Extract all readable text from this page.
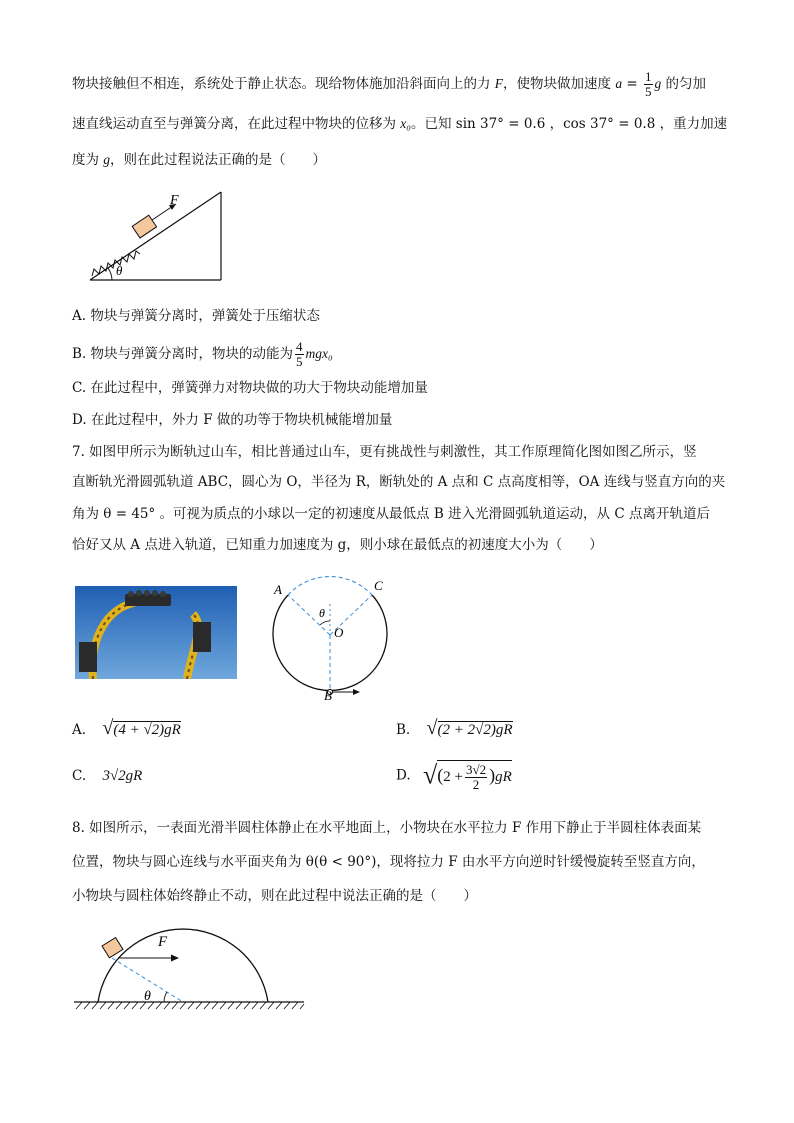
物块接触但不相连，系统处于静止状态。现给物体施加沿斜面向上的力 F，使物块做加速度 $a = \frac{1}{5}$ g 的匀加
速直线运动直至与弹簧分离，在此过程中物块的位移为 x₀。已知 sin 37° = 0.6 ，cos 37° = 0.8 ，重力加速
度为 g，则在此过程说法正确的是（　　）
F
θ
A. 物块与弹簧分离时，弹簧处于压缩状态
B. 物块与弹簧分离时，物块的动能为 $\frac{4}{5} mgx_0$
C. 在此过程中，弹簧弹力对物块做的功大于物块动能增加量
D. 在此过程中，外力 F 做的功等于物块机械能增加量
7. 如图甲所示为断轨过山车，相比普通过山车，更有挑战性与刺激性，其工作原理简化图如图乙所示，竖
直断轨光滑圆弧轨道 ABC，圆心为 O，半径为 R，断轨处的 A 点和 C 点高度相等，OA 连线与竖直方向的夹
角为 θ = 45° 。可视为质点的小球以一定的初速度从最低点 B 进入光滑圆弧轨道运动，从 C 点离开轨道后
恰好又从 A 点进入轨道，已知重力加速度为 g，则小球在最低点的初速度大小为（　　）
A	C
O
B
θ
A. √(4 + √2)gR	B. √(2 + 2√2)gR
C. 3√2gR	D. $√(2 + \frac{3√2}{2} )gR$
8. 如图所示，一表面光滑半圆柱体静止在水平地面上，小物块在水平拉力 F 作用下静止于半圆柱体表面某
位置，物块与圆心连线与水平面夹角为 θ(θ < 90°)，现将拉力 F 由水平方向逆时针缓慢旋转至竖直方向，
小物块与圆柱体始终静止不动，则在此过程中说法正确的是（　　）
F
θ
